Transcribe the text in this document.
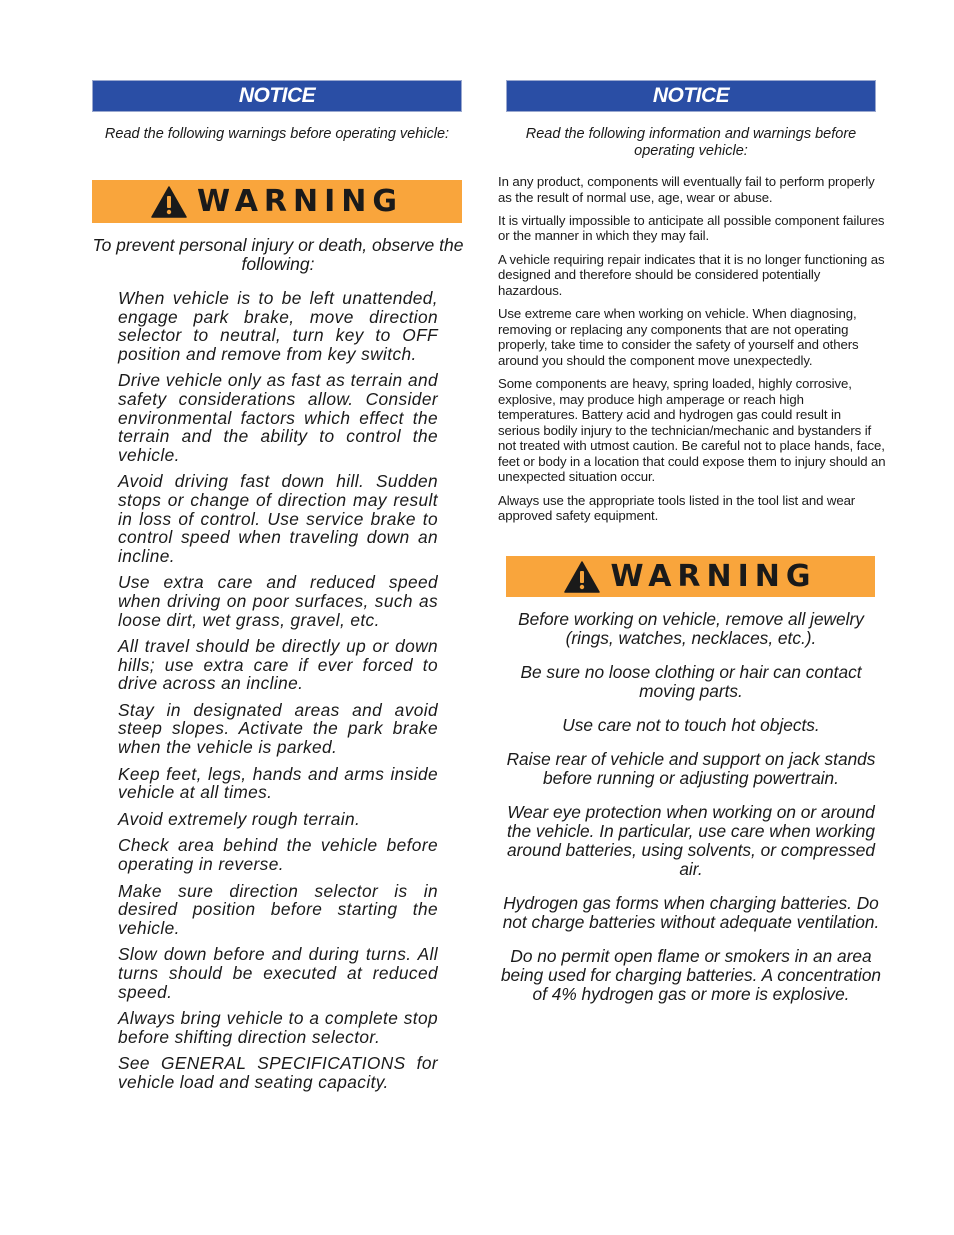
NOTICE
Read the following warnings before operating vehicle:
WARNING
To prevent personal injury or death, observe the following:
When vehicle is to be left unattended, engage park brake, move direction selector to neutral, turn key to OFF position and remove from key switch.
Drive vehicle only as fast as terrain and safety considerations allow. Consider environmental factors which effect the terrain and the ability to control the vehicle.
Avoid driving fast down hill. Sudden stops or change of direction may result in loss of control. Use service brake to control speed when traveling down an incline.
Use extra care and reduced speed when driving on poor surfaces, such as loose dirt, wet grass, gravel, etc.
All travel should be directly up or down hills; use extra care if ever forced to drive across an incline.
Stay in designated areas and avoid steep slopes. Activate the park brake when the vehicle is parked.
Keep feet, legs, hands and arms inside vehicle at all times.
Avoid extremely rough terrain.
Check area behind the vehicle before operating in reverse.
Make sure direction selector is in desired position before starting the vehicle.
Slow down before and during turns. All turns should be executed at reduced speed.
Always bring vehicle to a complete stop before shifting direction selector.
See GENERAL SPECIFICATIONS for vehicle load and seating capacity.
NOTICE
Read the following information and warnings before operating vehicle:
In any product, components will eventually fail to perform properly as the result of normal use, age, wear or abuse.
It is virtually impossible to anticipate all possible component failures or the manner in which they may fail.
A vehicle requiring repair indicates that it is no longer functioning as designed and therefore should be considered potentially hazardous.
Use extreme care when working on vehicle. When diagnosing, removing or replacing any components that are not operating properly, take time to consider the safety of yourself and others around you should the component move unexpectedly.
Some components are heavy, spring loaded, highly corrosive, explosive, may produce high amperage or reach high temperatures. Battery acid and hydrogen gas could result in serious bodily injury to the technician/mechanic and bystanders if not treated with utmost caution. Be careful not to place hands, face, feet or body in a location that could expose them to injury should an unexpected situation occur.
Always use the appropriate tools listed in the tool list and wear approved safety equipment.
WARNING
Before working on vehicle, remove all jewelry (rings, watches, necklaces, etc.).
Be sure no loose clothing or hair can contact moving parts.
Use care not to touch hot objects.
Raise rear of vehicle and support on jack stands before running or adjusting powertrain.
Wear eye protection when working on or around the vehicle. In particular, use care when working around batteries, using solvents, or compressed air.
Hydrogen gas forms when charging batteries. Do not charge batteries without adequate ventilation.
Do no permit open flame or smokers in an area being used for charging batteries. A concentration of 4% hydrogen gas or more is explosive.
